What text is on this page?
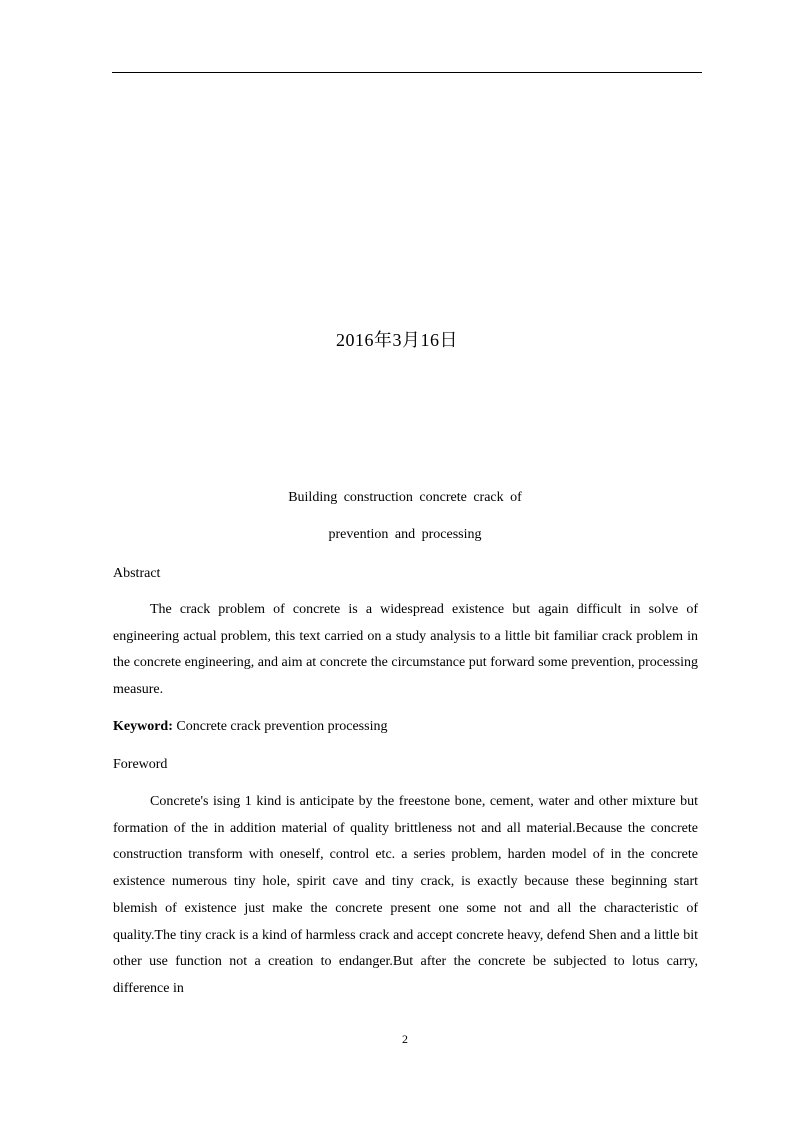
2016年3月16日
Building construction concrete crack of
prevention and processing
Abstract
The crack problem of concrete is a widespread existence but again difficult in solve of engineering actual problem, this text carried on a study analysis to a little bit familiar crack problem in the concrete engineering, and aim at concrete the circumstance put forward some prevention, processing measure.
Keyword: Concrete crack prevention processing
Foreword
Concrete's ising 1 kind is anticipate by the freestone bone, cement, water and other mixture but formation of the in addition material of quality brittleness not and all material.Because the concrete construction transform with oneself, control etc. a series problem, harden model of in the concrete existence numerous tiny hole, spirit cave and tiny crack, is exactly because these beginning start blemish of existence just make the concrete present one some not and all the characteristic of quality.The tiny crack is a kind of harmless crack and accept concrete heavy, defend Shen and a little bit other use function not a creation to endanger.But after the concrete be subjected to lotus carry, difference in
2
